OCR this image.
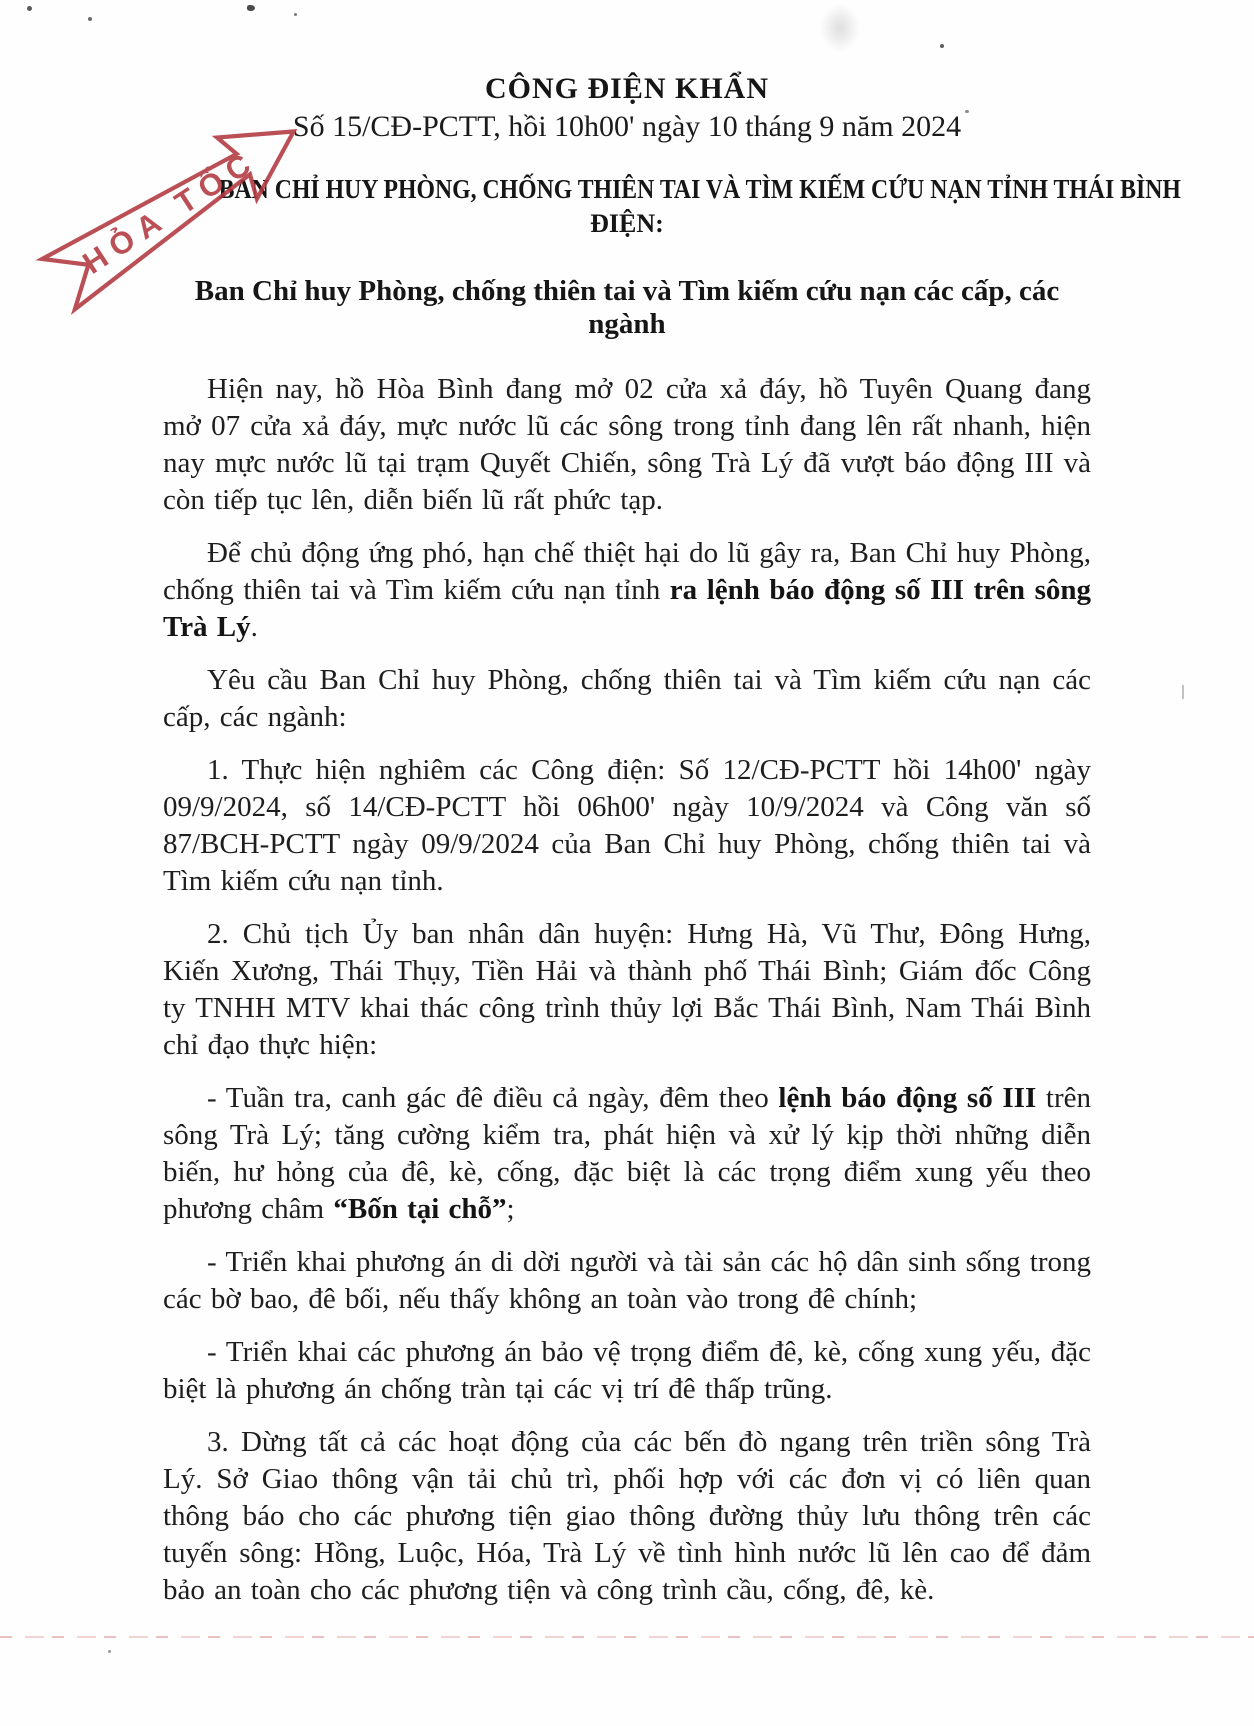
HỎA TỐC
CÔNG ĐIỆN KHẨN
Số 15/CĐ-PCTT, hồi 10h00' ngày 10 tháng 9 năm 2024
BAN CHỈ HUY PHÒNG, CHỐNG THIÊN TAI VÀ TÌM KIẾM CỨU NẠN TỈNH THÁI BÌNH
ĐIỆN:
Ban Chỉ huy Phòng, chống thiên tai và Tìm kiếm cứu nạn các cấp, các ngành

Hiện nay, hồ Hòa Bình đang mở 02 cửa xả đáy, hồ Tuyên Quang đang mở 07 cửa xả đáy, mực nước lũ các sông trong tỉnh đang lên rất nhanh, hiện nay mực nước lũ tại trạm Quyết Chiến, sông Trà Lý đã vượt báo động III và còn tiếp tục lên, diễn biến lũ rất phức tạp.

Để chủ động ứng phó, hạn chế thiệt hại do lũ gây ra, Ban Chỉ huy Phòng, chống thiên tai và Tìm kiếm cứu nạn tỉnh ra lệnh báo động số III trên sông Trà Lý.

Yêu cầu Ban Chỉ huy Phòng, chống thiên tai và Tìm kiếm cứu nạn các cấp, các ngành:

1. Thực hiện nghiêm các Công điện: Số 12/CĐ-PCTT hồi 14h00' ngày 09/9/2024, số 14/CĐ-PCTT hồi 06h00' ngày 10/9/2024 và Công văn số 87/BCH-PCTT ngày 09/9/2024 của Ban Chỉ huy Phòng, chống thiên tai và Tìm kiếm cứu nạn tỉnh.

2. Chủ tịch Ủy ban nhân dân huyện: Hưng Hà, Vũ Thư, Đông Hưng, Kiến Xương, Thái Thụy, Tiền Hải và thành phố Thái Bình; Giám đốc Công ty TNHH MTV khai thác công trình thủy lợi Bắc Thái Bình, Nam Thái Bình chỉ đạo thực hiện:

- Tuần tra, canh gác đê điều cả ngày, đêm theo lệnh báo động số III trên sông Trà Lý; tăng cường kiểm tra, phát hiện và xử lý kịp thời những diễn biến, hư hỏng của đê, kè, cống, đặc biệt là các trọng điểm xung yếu theo phương châm “Bốn tại chỗ”;

- Triển khai phương án di dời người và tài sản các hộ dân sinh sống trong các bờ bao, đê bối, nếu thấy không an toàn vào trong đê chính;

- Triển khai các phương án bảo vệ trọng điểm đê, kè, cống xung yếu, đặc biệt là phương án chống tràn tại các vị trí đê thấp trũng.

3. Dừng tất cả các hoạt động của các bến đò ngang trên triền sông Trà Lý. Sở Giao thông vận tải chủ trì, phối hợp với các đơn vị có liên quan thông báo cho các phương tiện giao thông đường thủy lưu thông trên các tuyến sông: Hồng, Luộc, Hóa, Trà Lý về tình hình nước lũ lên cao để đảm bảo an toàn cho các phương tiện và công trình cầu, cống, đê, kè.
